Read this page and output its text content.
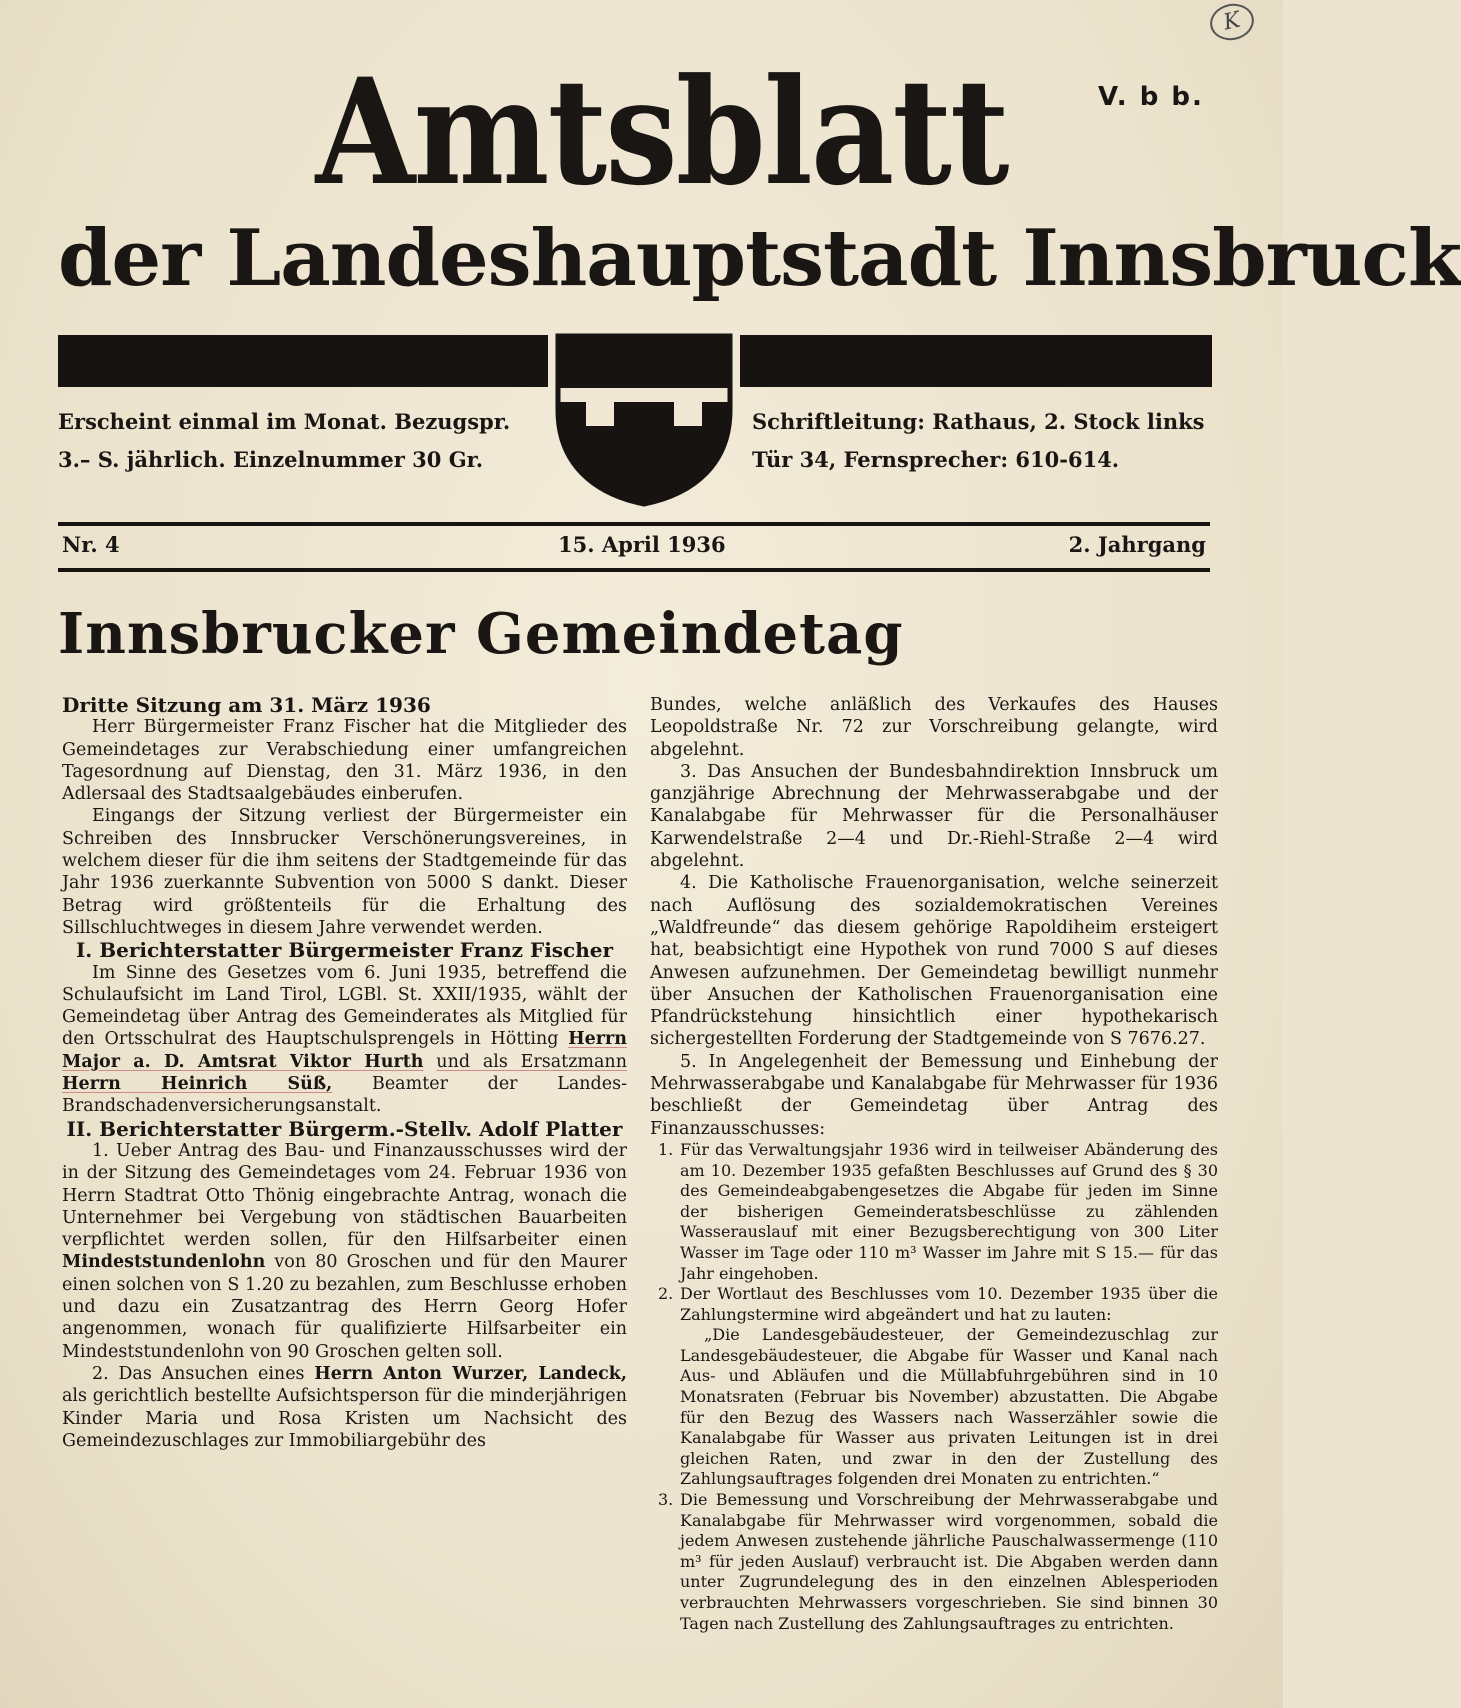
K
V. b b.
Amtsblatt
der Landeshauptstadt Innsbruck
Erscheint einmal im Monat. Bezugspr.
3.– S. jährlich. Einzelnummer 30 Gr.
Schriftleitung: Rathaus, 2. Stock links
Tür 34, Fernsprecher: 610-614.
Nr. 4	15. April 1936	2. Jahrgang
Innsbrucker Gemeindetag

Dritte Sitzung am 31. März 1936

Herr Bürgermeister Franz Fischer hat die Mitglieder des Gemeindetages zur Verabschiedung einer umfangreichen Tagesordnung auf Dienstag, den 31. März 1936, in den Adlersaal des Stadtsaalgebäudes einberufen.

Eingangs der Sitzung verliest der Bürgermeister ein Schreiben des Innsbrucker Verschönerungsvereines, in welchem dieser für die ihm seitens der Stadtgemeinde für das Jahr 1936 zuerkannte Subvention von 5000 S dankt. Dieser Betrag wird größtenteils für die Erhaltung des Sillschluchtweges in diesem Jahre verwendet werden.

I. Berichterstatter Bürgermeister Franz Fischer

Im Sinne des Gesetzes vom 6. Juni 1935, betreffend die Schulaufsicht im Land Tirol, LGBl. St. XXII/1935, wählt der Gemeindetag über Antrag des Gemeinderates als Mitglied für den Ortsschulrat des Hauptschulsprengels in Hötting Herrn Major a. D. Amtsrat Viktor Hurth und als Ersatzmann Herrn Heinrich Süß, Beamter der Landes-Brandschadenversicherungsanstalt.

II. Berichterstatter Bürgerm.-Stellv. Adolf Platter

1. Ueber Antrag des Bau- und Finanzausschusses wird der in der Sitzung des Gemeindetages vom 24. Februar 1936 von Herrn Stadtrat Otto Thönig eingebrachte Antrag, wonach die Unternehmer bei Vergebung von städtischen Bauarbeiten verpflichtet werden sollen, für den Hilfsarbeiter einen Mindeststundenlohn von 80 Groschen und für den Maurer einen solchen von S 1.20 zu bezahlen, zum Beschlusse erhoben und dazu ein Zusatzantrag des Herrn Georg Hofer angenommen, wonach für qualifizierte Hilfsarbeiter ein Mindeststundenlohn von 90 Groschen gelten soll.

2. Das Ansuchen eines Herrn Anton Wurzer, Landeck, als gerichtlich bestellte Aufsichtsperson für die minderjährigen Kinder Maria und Rosa Kristen um Nachsicht des Gemeindezuschlages zur Immobiliargebühr des

Bundes, welche anläßlich des Verkaufes des Hauses Leopoldstraße Nr. 72 zur Vorschreibung gelangte, wird abgelehnt.

3. Das Ansuchen der Bundesbahndirektion Innsbruck um ganzjährige Abrechnung der Mehrwasserabgabe und der Kanalabgabe für Mehrwasser für die Personalhäuser Karwendelstraße 2—4 und Dr.-Riehl-Straße 2—4 wird abgelehnt.

4. Die Katholische Frauenorganisation, welche seinerzeit nach Auflösung des sozialdemokratischen Vereines „Waldfreunde“ das diesem gehörige Rapoldiheim ersteigert hat, beabsichtigt eine Hypothek von rund 7000 S auf dieses Anwesen aufzunehmen. Der Gemeindetag bewilligt nunmehr über Ansuchen der Katholischen Frauenorganisation eine Pfandrückstehung hinsichtlich einer hypothekarisch sichergestellten Forderung der Stadtgemeinde von S 7676.27.

5. In Angelegenheit der Bemessung und Einhebung der Mehrwasserabgabe und Kanalabgabe für Mehrwasser für 1936 beschließt der Gemeindetag über Antrag des Finanzausschusses:

1. Für das Verwaltungsjahr 1936 wird in teilweiser Abänderung des am 10. Dezember 1935 gefaßten Beschlusses auf Grund des § 30 des Gemeindeabgabengesetzes die Abgabe für jeden im Sinne der bisherigen Gemeinderatsbeschlüsse zu zählenden Wasserauslauf mit einer Bezugsberechtigung von 300 Liter Wasser im Tage oder 110 m³ Wasser im Jahre mit S 15.— für das Jahr eingehoben.
2. Der Wortlaut des Beschlusses vom 10. Dezember 1935 über die Zahlungstermine wird abgeändert und hat zu lauten:
„Die Landesgebäudesteuer, der Gemeindezuschlag zur Landesgebäudesteuer, die Abgabe für Wasser und Kanal nach Aus- und Abläufen und die Müllabfuhrgebühren sind in 10 Monatsraten (Februar bis November) abzustatten. Die Abgabe für den Bezug des Wassers nach Wasserzähler sowie die Kanalabgabe für Wasser aus privaten Leitungen ist in drei gleichen Raten, und zwar in den der Zustellung des Zahlungsauftrages folgenden drei Monaten zu entrichten.“
3. Die Bemessung und Vorschreibung der Mehrwasserabgabe und Kanalabgabe für Mehrwasser wird vorgenommen, sobald die jedem Anwesen zustehende jährliche Pauschalwassermenge (110 m³ für jeden Auslauf) verbraucht ist. Die Abgaben werden dann unter Zugrundelegung des in den einzelnen Ablesperioden verbrauchten Mehrwassers vorgeschrieben. Sie sind binnen 30 Tagen nach Zustellung des Zahlungsauftrages zu entrichten.
